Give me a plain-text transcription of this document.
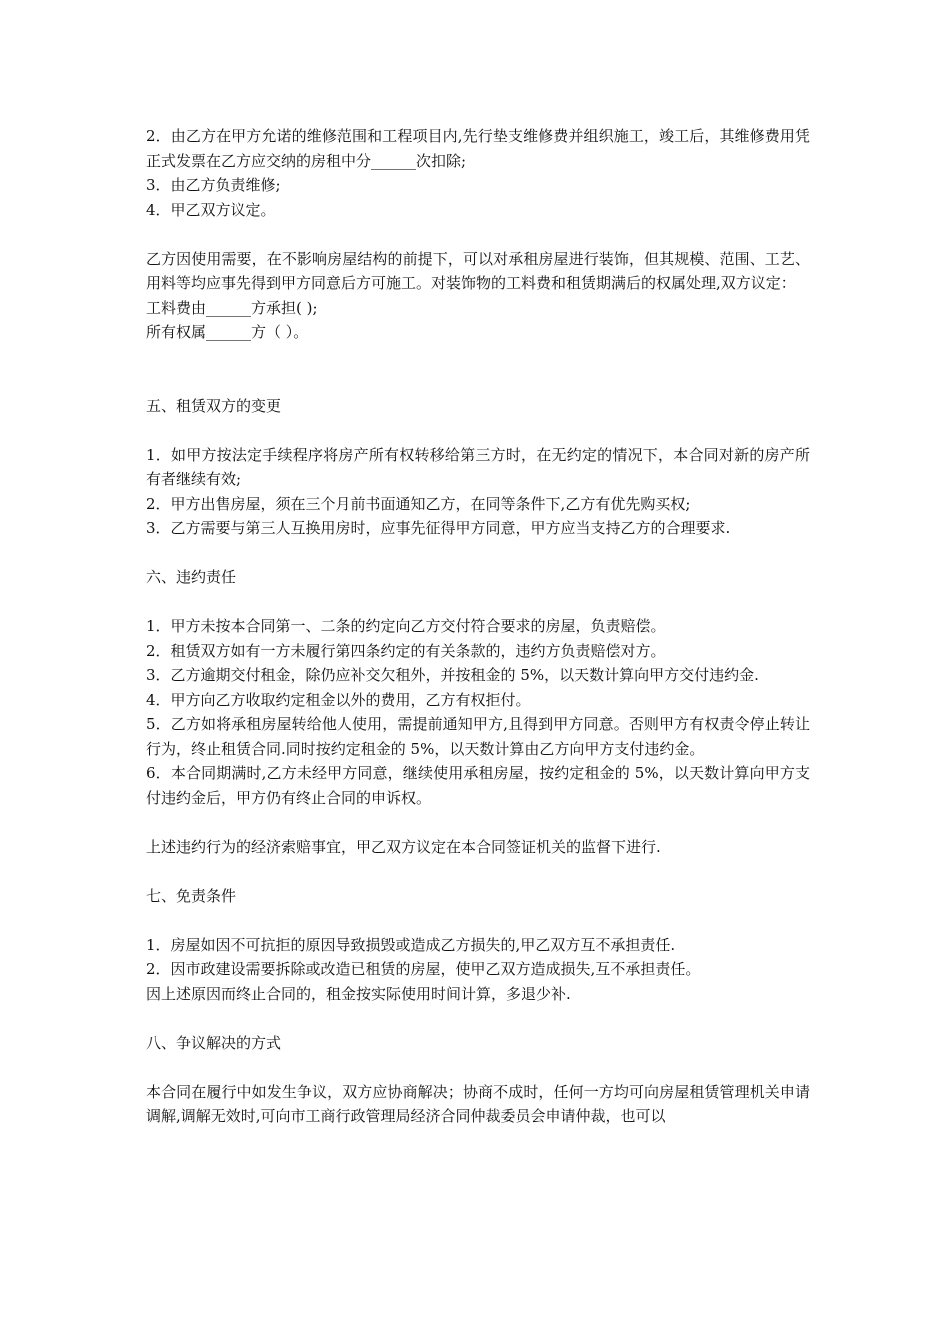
2．由乙方在甲方允诺的维修范围和工程项目内,先行垫支维修费并组织施工，竣工后，其维修费用凭正式发票在乙方应交纳的房租中分______次扣除;

3．由乙方负责维修;

4．甲乙双方议定。

乙方因使用需要，在不影响房屋结构的前提下，可以对承租房屋进行装饰，但其规模、范围、工艺、用料等均应事先得到甲方同意后方可施工。对装饰物的工料费和租赁期满后的权属处理,双方议定：

工料费由______方承担( );

所有权属______方（ ）。

五、租赁双方的变更

1．如甲方按法定手续程序将房产所有权转移给第三方时，在无约定的情况下，本合同对新的房产所有者继续有效;

2．甲方出售房屋，须在三个月前书面通知乙方，在同等条件下,乙方有优先购买权;

3．乙方需要与第三人互换用房时，应事先征得甲方同意，甲方应当支持乙方的合理要求.

六、违约责任

1．甲方未按本合同第一、二条的约定向乙方交付符合要求的房屋，负责赔偿。

2．租赁双方如有一方未履行第四条约定的有关条款的，违约方负责赔偿对方。

3．乙方逾期交付租金，除仍应补交欠租外，并按租金的 5%，以天数计算向甲方交付违约金.

4．甲方向乙方收取约定租金以外的费用，乙方有权拒付。

5．乙方如将承租房屋转给他人使用，需提前通知甲方,且得到甲方同意。否则甲方有权责令停止转让行为，终止租赁合同.同时按约定租金的 5%，以天数计算由乙方向甲方支付违约金。

6．本合同期满时,乙方未经甲方同意，继续使用承租房屋，按约定租金的 5%，以天数计算向甲方支付违约金后，甲方仍有终止合同的申诉权。

上述违约行为的经济索赔事宜，甲乙双方议定在本合同签证机关的监督下进行.

七、免责条件

1．房屋如因不可抗拒的原因导致损毁或造成乙方损失的,甲乙双方互不承担责任.

2．因市政建设需要拆除或改造已租赁的房屋，使甲乙双方造成损失,互不承担责任。

因上述原因而终止合同的，租金按实际使用时间计算，多退少补.

八、争议解决的方式

本合同在履行中如发生争议，双方应协商解决；协商不成时，任何一方均可向房屋租赁管理机关申请调解,调解无效时,可向市工商行政管理局经济合同仲裁委员会申请仲裁，也可以
